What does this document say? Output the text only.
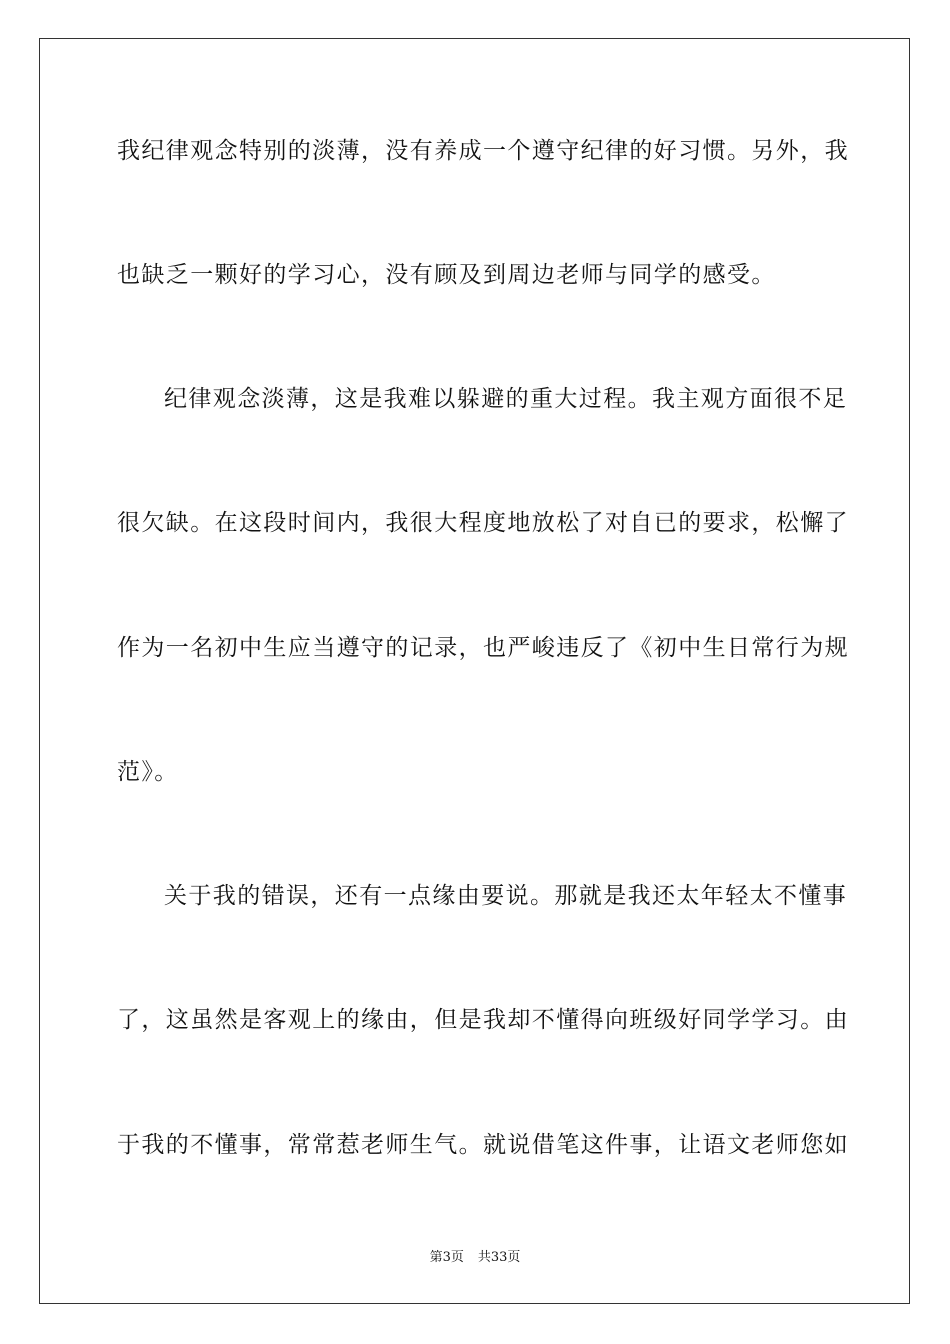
我纪律观念特别的淡薄，没有养成一个遵守纪律的好习惯。另外，我
也缺乏一颗好的学习心，没有顾及到周边老师与同学的感受。
纪律观念淡薄，这是我难以躲避的重大过程。我主观方面很不足
很欠缺。在这段时间内，我很大程度地放松了对自已的要求，松懈了
作为一名初中生应当遵守的记录，也严峻违反了《初中生日常行为规
范》。
关于我的错误，还有一点缘由要说。那就是我还太年轻太不懂事
了，这虽然是客观上的缘由，但是我却不懂得向班级好同学学习。由
于我的不懂事，常常惹老师生气。就说借笔这件事，让语文老师您如
第3页 共33页
